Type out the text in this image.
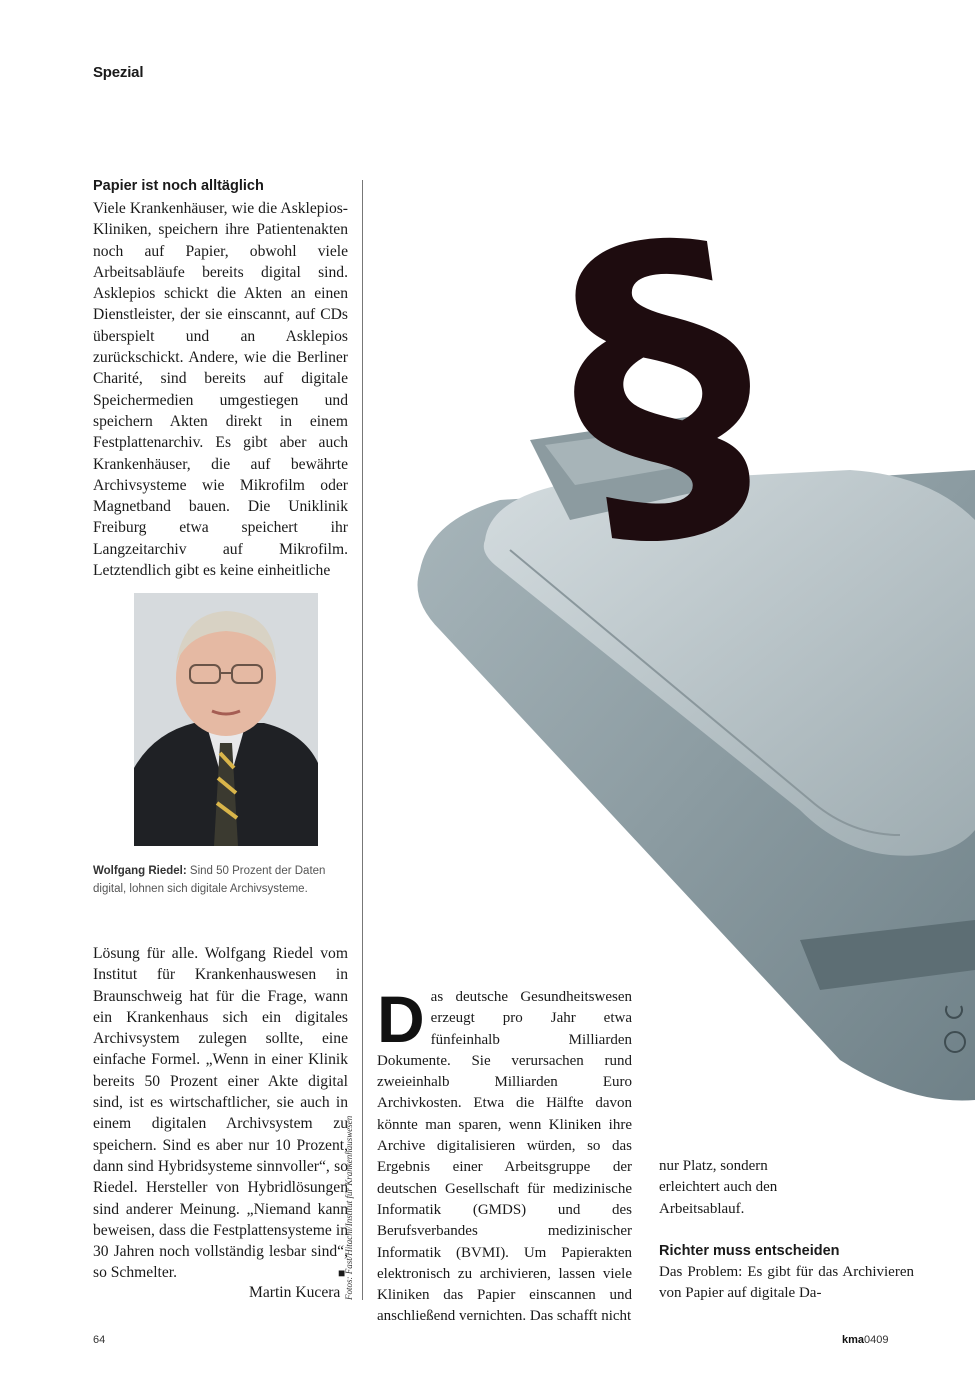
Spezial
§
Papier ist noch alltäglich

Viele Krankenhäuser, wie die Asklepios-Kliniken, speichern ihre Patientenakten noch auf Papier, obwohl viele Arbeitsabläufe bereits digital sind. Asklepios schickt die Akten an einen Dienstleister, der sie einscannt, auf CDs überspielt und an Asklepios zurückschickt. Andere, wie die Berliner Charité, sind bereits auf digitale Speichermedien umgestiegen und speichern Akten direkt in einem Festplattenarchiv. Es gibt aber auch Krankenhäuser, die auf bewährte Archivsysteme wie Mikrofilm oder Magnetband bauen. Die Uniklinik Freiburg etwa speichert ihr Langzeitarchiv auf Mikrofilm. Letztendlich gibt es keine einheitliche

Wolfgang Riedel: Sind 50 Prozent der Daten digital, lohnen sich digitale Archivsysteme.

Lösung für alle. Wolfgang Riedel vom Institut für Krankenhauswesen in Braunschweig hat für die Frage, wann ein Krankenhaus sich ein digitales Archivsystem zulegen sollte, eine einfache Formel. „Wenn in einer Klinik bereits 50 Prozent einer Akte digital sind, ist es wirtschaftlicher, sie auch in einem digitalen Archivsystem zu speichern. Sind es aber nur 10 Prozent, dann sind Hybridsysteme sinnvoller“, so Riedel. Hersteller von Hybridlösungen sind anderer Meinung. „Niemand kann beweisen, dass die Festplattensysteme in 30 Jahren noch vollständig lesbar sind“, so Schmelter.	■
Martin Kucera Fotos: Fast/Hitachi/Institut für Krankenhauswesen
D as deutsche Gesundheitswesen erzeugt pro Jahr etwa fünfeinhalb Milliarden Dokumente. Sie verursachen rund zweieinhalb Milliarden Euro Archivkosten. Etwa die Hälfte davon könnte man sparen, wenn Kliniken ihre Archive digitalisieren würden, so das Ergebnis einer Arbeitsgruppe der deutschen Gesellschaft für medizinische Informatik (GMDS) und des Berufsverbandes medizinischer Informatik (BVMI). Um Papierakten elektronisch zu archivieren, lassen viele Kliniken das Papier einscannen und anschließend vernichten. Das schafft nicht

nur Platz, sondern erleichtert auch den Arbeitsablauf.

Richter muss entscheiden

Das Problem: Es gibt für das Archivieren von Papier auf digitale Da-

64	kma0409
